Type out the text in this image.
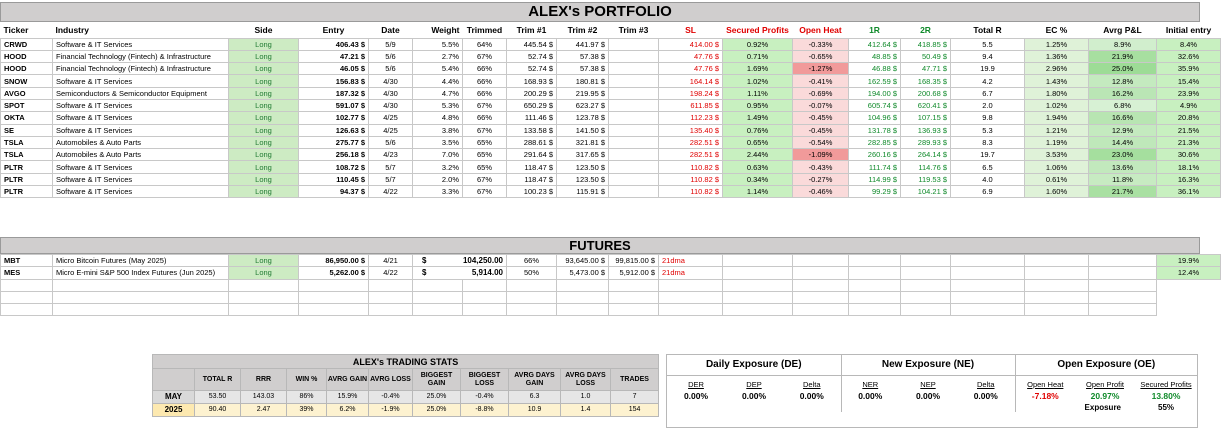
ALEX's PORTFOLIO
Ticker	Industry	Side	Entry	Date	Weight	Trimmed	Trim #1	Trim #2	Trim #3	SL	Secured Profits	Open Heat	1R	2R	Total R	EC %	Avrg P&L	Initial entry
CRWD	Software & IT Services	Long	406.43 $	5/9	5.5%	64%	445.54 $	441.97 $		414.00 $	0.92%	-0.33%	412.64 $	418.85 $	5.5	1.25%	8.9%	8.4%
HOOD	Financial Technology (Fintech) & Infrastructure	Long	47.21 $	5/6	2.7%	67%	52.74 $	57.38 $		47.76 $	0.71%	-0.65%	48.85 $	50.49 $	9.4	1.36%	21.9%	32.6%
HOOD	Financial Technology (Fintech) & Infrastructure	Long	46.05 $	5/6	5.4%	66%	52.74 $	57.38 $		47.76 $	1.69%	-1.27%	46.88 $	47.71 $	19.9	2.96%	25.0%	35.9%
SNOW	Software & IT Services	Long	156.83 $	4/30	4.4%	66%	168.93 $	180.81 $		164.14 $	1.02%	-0.41%	162.59 $	168.35 $	4.2	1.43%	12.8%	15.4%
AVGO	Semiconductors & Semiconductor Equipment	Long	187.32 $	4/30	4.7%	66%	200.29 $	219.95 $		198.24 $	1.11%	-0.69%	194.00 $	200.68 $	6.7	1.80%	16.2%	23.9%
SPOT	Software & IT Services	Long	591.07 $	4/30	5.3%	67%	650.29 $	623.27 $		611.85 $	0.95%	-0.07%	605.74 $	620.41 $	2.0	1.02%	6.8%	4.9%
OKTA	Software & IT Services	Long	102.77 $	4/25	4.8%	66%	111.46 $	123.78 $		112.23 $	1.49%	-0.45%	104.96 $	107.15 $	9.8	1.94%	16.6%	20.8%
SE	Software & IT Services	Long	126.63 $	4/25	3.8%	67%	133.58 $	141.50 $		135.40 $	0.76%	-0.45%	131.78 $	136.93 $	5.3	1.21%	12.9%	21.5%
TSLA	Automobiles & Auto Parts	Long	275.77 $	5/6	3.5%	65%	288.61 $	321.81 $		282.51 $	0.65%	-0.54%	282.85 $	289.93 $	8.3	1.19%	14.4%	21.3%
TSLA	Automobiles & Auto Parts	Long	256.18 $	4/23	7.0%	65%	291.64 $	317.65 $		282.51 $	2.44%	-1.09%	260.16 $	264.14 $	19.7	3.53%	23.0%	30.6%
PLTR	Software & IT Services	Long	108.72 $	5/7	3.2%	65%	118.47 $	123.50 $		110.82 $	0.63%	-0.43%	111.74 $	114.76 $	6.5	1.06%	13.6%	18.1%
PLTR	Software & IT Services	Long	110.45 $	5/7	2.0%	67%	118.47 $	123.50 $		110.82 $	0.34%	-0.27%	114.99 $	119.53 $	4.0	0.61%	11.8%	16.3%
PLTR	Software & IT Services	Long	94.37 $	4/22	3.3%	67%	100.23 $	115.91 $		110.82 $	1.14%	-0.46%	99.29 $	104.21 $	6.9	1.60%	21.7%	36.1%
FUTURES
MBT	Micro Bitcoin Futures (May 2025)	Long	86,950.00 $	4/21	$ 104,250.00		66%	93,645.00 $	99,815.00 $	21dma								19.9%
MES	Micro E-mini S&P 500 Index Futures (Jun 2025)	Long	5,262.00 $	4/22	$ 5,914.00		50%	5,473.00 $	5,912.00 $	21dma								12.4%

ALEX's TRADING STATS										
	TOTAL R	RRR	WIN %	AVRG GAIN	AVRG LOSS	BIGGEST GAIN	BIGGEST LOSS	AVRG DAYS GAIN	AVRG DAYS LOSS	TRADES
MAY	53.50	143.03	86%	15.9%	-0.4%	25.0%	-0.4%	6.3	1.0	7
2025	90.40	2.47	39%	6.2%	-1.9%	25.0%	-8.8%	10.9	1.4	154
Daily Exposure (DE)			New Exposure (NE)			Open Exposure (OE)		
DER	DEP	Delta	NER	NEP	Delta	Open Heat	Open Profit	Secured Profits
0.00%	0.00%	0.00%	0.00%	0.00%	0.00%	-7.18%	20.97%	13.80%
						Exposure		55%
